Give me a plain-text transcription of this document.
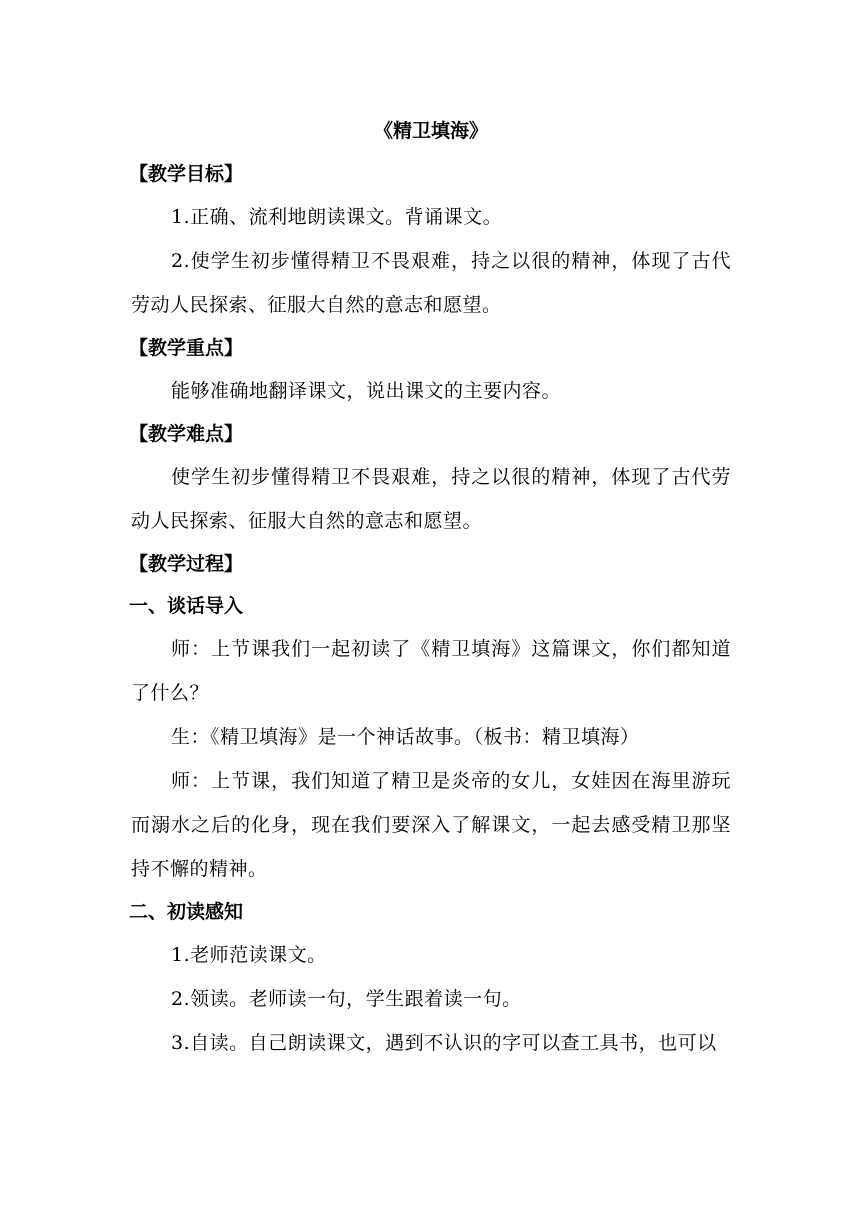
《精卫填海》
【教学目标】

1.正确、流利地朗读课文。背诵课文。

2.使学生初步懂得精卫不畏艰难，持之以很的精神，体现了古代劳动人民探索、征服大自然的意志和愿望。

【教学重点】

能够准确地翻译课文，说出课文的主要内容。

【教学难点】

使学生初步懂得精卫不畏艰难，持之以很的精神，体现了古代劳动人民探索、征服大自然的意志和愿望。

【教学过程】
一、谈话导入

师：上节课我们一起初读了《精卫填海》这篇课文，你们都知道了什么？

生：《精卫填海》是一个神话故事。（板书：精卫填海）

师：上节课，我们知道了精卫是炎帝的女儿，女娃因在海里游玩而溺水之后的化身，现在我们要深入了解课文，一起去感受精卫那坚持不懈的精神。

二、初读感知

1.老师范读课文。

2.领读。老师读一句，学生跟着读一句。

3.自读。自己朗读课文，遇到不认识的字可以查工具书，也可以
